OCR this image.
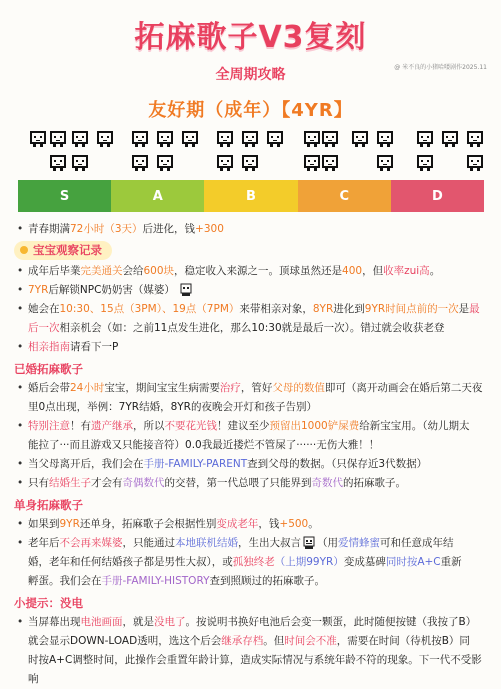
拓麻歌子V3复刻
@ 米不良的小猪哈喽剧作2025.11
全周期攻略
友好期（成年）【4YR】
S	A	B	C	D
• 青春期满72小时（3天）后进化，钱+300
宝宝观察记录
• 成年后毕業完美通关会给600块，稳定收入来源之一。顶球虽然还是400，但收率zui高。
• 7YR后解锁NPC奶奶害（媒婆）
• 她会在10:30、15点（3PM）、19点（7PM）来带相亲对象，8YR进化到9YR时间点前的一次是最
后一次相亲机会（如：之前11点发生进化，那么10:30就是最后一次）。错过就会收获老登
• 相亲指南请看下一P
已婚拓麻歌子
• 婚后会带24小时宝宝，期间宝宝生病需要治疗，管好父母的数值即可（离开动画会在婚后第二天夜
里0点出现，举例：7YR结婚，8YR的夜晚会开灯和孩子告别）
• 特别注意！有遗产继承，所以不要花光钱！建议至少预留出1000铲屎费给新宝宝用。（幼儿期太
能拉了···而且游戏又只能接音符）0.0我最近搂烂不管屎了······无伤大雅！！
• 当父母离开后，我们会在手册-FAMILY-PARENT查到父母的数据。（只保存近3代数据）
• 只有结婚生子才会有奇偶数代的交替，第一代总喂了只能界到奇数代的拓麻歌子。
单身拓麻歌子
• 如果到9YR还单身，拓麻歌子会根据性别变成老年，钱+500。
• 老年后不会再来媒婆，只能通过本地联机结婚，生出大叔言 （用爱情蜂蜜可和任意成年结
婚，老年和任何结婚孩子都是男性大叔），或孤独终老（上期99YR）变成墓碑同时按A+C重新
孵蛋。我们会在手册-FAMILY-HISTORY查到照顾过的拓麻歌子。
小提示：没电
• 当屏幕出现电池画面，就是没电了。按说明书换好电池后会变一颗蛋，此时随便按键（我按了B）
就会显示DOWN-LOAD透明，选这个后会继承存档。但时间会不准，需要在时间（待机按B）同
时按A+C调整时间，此操作会重置年龄计算，造成实际情况与系统年龄不符的现象。下一代不受影
响
